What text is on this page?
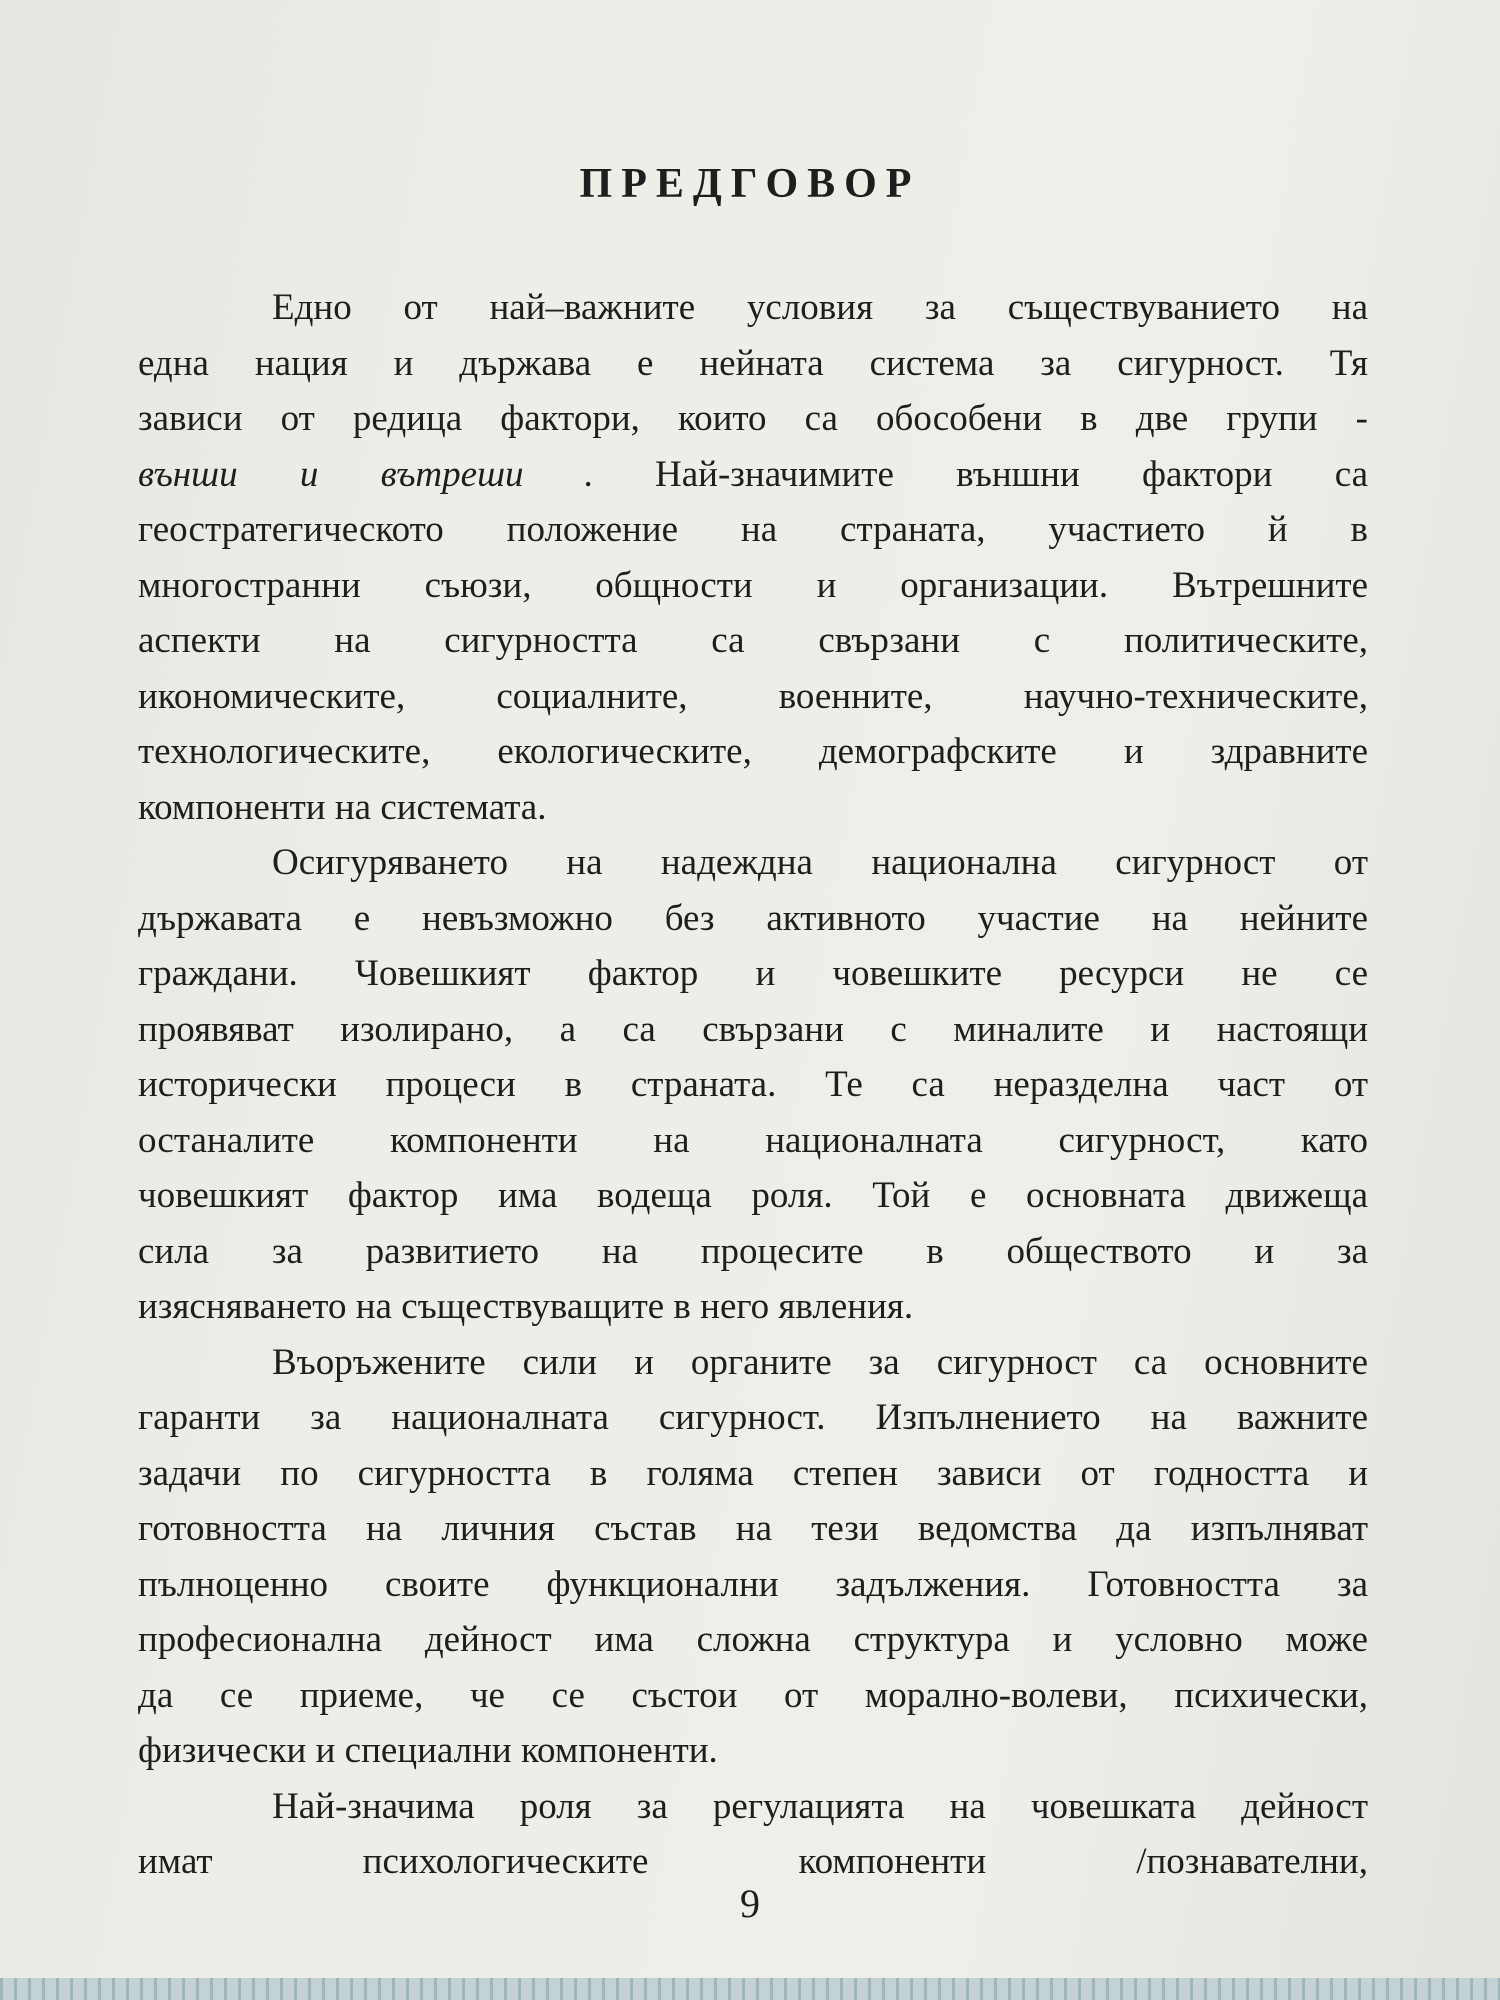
ПРЕДГОВОР

Едно от най–важните условия за съществуванието на
една нация и държава е нейната система за сигурност. Тя
зависи от редица фактори, които са обособени в две групи -
външи и вътреши . Най-значимите външни фактори са
геостратегическото положение на страната, участието й в
многостранни съюзи, общности и организации. Вътрешните
аспекти на сигурността са свързани с политическите,
икономическите, социалните, военните, научно-техническите,
технологическите, екологическите, демографските и здравните
компоненти на системата.

Осигуряването на надеждна национална сигурност от
държавата е невъзможно без активното участие на нейните
граждани. Човешкият фактор и човешките ресурси не се
проявяват изолирано, а са свързани с миналите и настоящи
исторически процеси в страната. Те са неразделна част от
останалите компоненти на националната сигурност, като
човешкият фактор има водеща роля. Той е основната движеща
сила за развитието на процесите в обществото и за
изясняването на съществуващите в него явления.

Въоръжените сили и органите за сигурност са основните
гаранти за националната сигурност. Изпълнението на важните
задачи по сигурността в голяма степен зависи от годността и
готовността на личния състав на тези ведомства да изпълняват
пълноценно своите функционални задължения. Готовността за
професионална дейност има сложна структура и условно може
да се приеме, че се състои от морално-волеви, психически,
физически и специални компоненти.

Най-значима роля за регулацията на човешката дейност
имат психологическите компоненти /познавателни,

9
